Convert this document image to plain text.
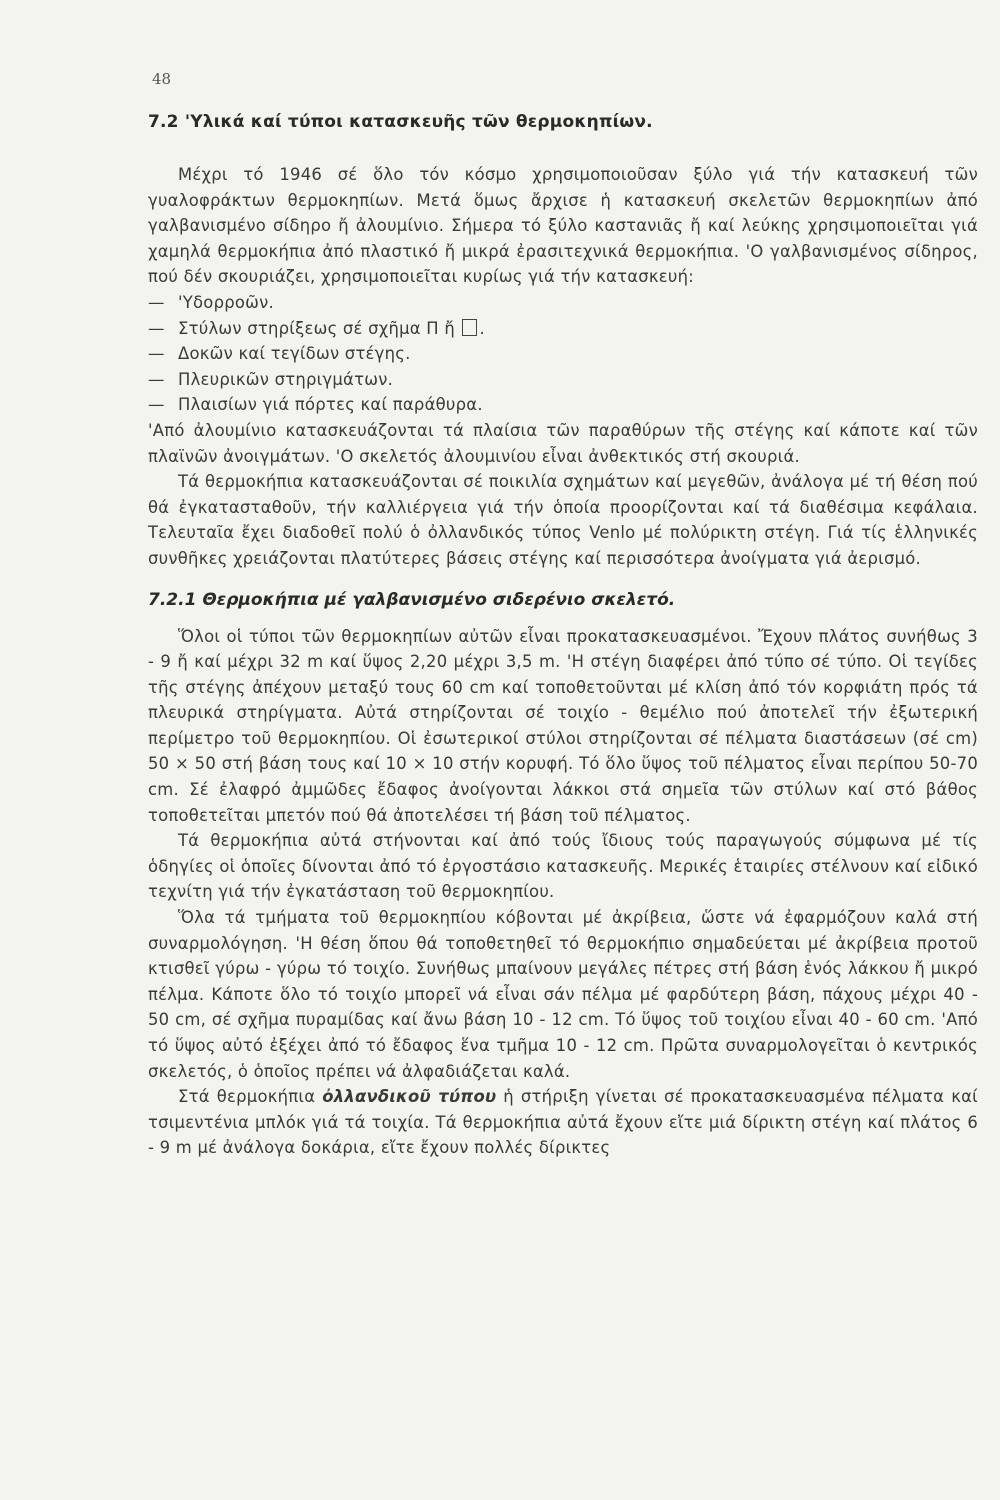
48
7.2 'Υλικά καί τύποι κατασκευῆς τῶν θερμοκηπίων.

Μέχρι τό 1946 σέ ὅλο τόν κόσμο χρησιμοποιοῦσαν ξύλο γιά τήν κατασκευή τῶν γυαλοφράκτων θερμοκηπίων. Μετά ὅμως ἄρχισε ἡ κατασκευή σκελετῶν θερμοκηπίων ἀπό γαλβανισμένο σίδηρο ἤ ἀλουμίνιο. Σήμερα τό ξύλο καστανιᾶς ἤ καί λεύκης χρησιμοποιεῖται γιά χαμηλά θερμοκήπια ἀπό πλαστικό ἤ μικρά ἐρασιτεχνικά θερμοκήπια. 'Ο γαλβανισμένος σίδηρος, πού δέν σκουριάζει, χρησιμοποιεῖται κυρίως γιά τήν κατασκευή:

— 'Υδορροῶν.
— Στύλων στηρίξεως σέ σχῆμα Π ἤ .
— Δοκῶν καί τεγίδων στέγης.
— Πλευρικῶν στηριγμάτων.
— Πλαισίων γιά πόρτες καί παράθυρα.

'Από ἀλουμίνιο κατασκευάζονται τά πλαίσια τῶν παραθύρων τῆς στέγης καί κάποτε καί τῶν πλαϊνῶν ἀνοιγμάτων. 'Ο σκελετός ἀλουμινίου εἶναι ἀνθεκτικός στή σκουριά.

Τά θερμοκήπια κατασκευάζονται σέ ποικιλία σχημάτων καί μεγεθῶν, ἀνάλογα μέ τή θέση πού θά ἐγκατασταθοῦν, τήν καλλιέργεια γιά τήν ὁποία προορίζονται καί τά διαθέσιμα κεφάλαια. Τελευταῖα ἔχει διαδοθεῖ πολύ ὁ ὀλλανδικός τύπος Venlo μέ πολύρικτη στέγη. Γιά τίς ἑλληνικές συνθῆκες χρειάζονται πλατύτερες βάσεις στέγης καί περισσότερα ἀνοίγματα γιά ἀερισμό.

7.2.1 Θερμοκήπια μέ γαλβανισμένο σιδερένιο σκελετό.

Ὅλοι οἱ τύποι τῶν θερμοκηπίων αὐτῶν εἶναι προκατασκευασμένοι. Ἔχουν πλάτος συνήθως 3 - 9 ἤ καί μέχρι 32 m καί ὕψος 2,20 μέχρι 3,5 m. 'Η στέγη διαφέρει ἀπό τύπο σέ τύπο. Οἱ τεγίδες τῆς στέγης ἀπέχουν μεταξύ τους 60 cm καί τοποθετοῦνται μέ κλίση ἀπό τόν κορφιάτη πρός τά πλευρικά στηρίγματα. Αὐτά στηρίζονται σέ τοιχίο - θεμέλιο πού ἀποτελεῖ τήν ἐξωτερική περίμετρο τοῦ θερμοκηπίου. Οἱ ἐσωτερικοί στύλοι στηρίζονται σέ πέλματα διαστάσεων (σέ cm) 50 × 50 στή βάση τους καί 10 × 10 στήν κορυφή. Τό ὅλο ὕψος τοῦ πέλματος εἶναι περίπου 50-70 cm. Σέ ἐλαφρό ἀμμῶδες ἔδαφος ἀνοίγονται λάκκοι στά σημεῖα τῶν στύλων καί στό βάθος τοποθετεῖται μπετόν πού θά ἀποτελέσει τή βάση τοῦ πέλματος.

Τά θερμοκήπια αὐτά στήνονται καί ἀπό τούς ἴδιους τούς παραγωγούς σύμφωνα μέ τίς ὁδηγίες οἱ ὁποῖες δίνονται ἀπό τό ἐργοστάσιο κατασκευῆς. Μερικές ἑταιρίες στέλνουν καί εἰδικό τεχνίτη γιά τήν ἐγκατάσταση τοῦ θερμοκηπίου.

Ὅλα τά τμήματα τοῦ θερμοκηπίου κόβονται μέ ἀκρίβεια, ὥστε νά ἐφαρμόζουν καλά στή συναρμολόγηση. 'Η θέση ὅπου θά τοποθετηθεῖ τό θερμοκήπιο σημαδεύεται μέ ἀκρίβεια προτοῦ κτισθεῖ γύρω - γύρω τό τοιχίο. Συνήθως μπαίνουν μεγάλες πέτρες στή βάση ἑνός λάκκου ἤ μικρό πέλμα. Κάποτε ὅλο τό τοιχίο μπορεῖ νά εἶναι σάν πέλμα μέ φαρδύτερη βάση, πάχους μέχρι 40 - 50 cm, σέ σχῆμα πυραμίδας καί ἄνω βάση 10 - 12 cm. Τό ὕψος τοῦ τοιχίου εἶναι 40 - 60 cm. 'Από τό ὕψος αὐτό ἐξέχει ἀπό τό ἔδαφος ἕνα τμῆμα 10 - 12 cm. Πρῶτα συναρμολογεῖται ὁ κεντρικός σκελετός, ὁ ὁποῖος πρέπει νά ἀλφαδιάζεται καλά.

Στά θερμοκήπια ὀλλανδικοῦ τύπου ἡ στήριξη γίνεται σέ προκατασκευασμένα πέλματα καί τσιμεντένια μπλόκ γιά τά τοιχία. Τά θερμοκήπια αὐτά ἔχουν εἴτε μιά δίρικτη στέγη καί πλάτος 6 - 9 m μέ ἀνάλογα δοκάρια, εἴτε ἔχουν πολλές δίρικτες
